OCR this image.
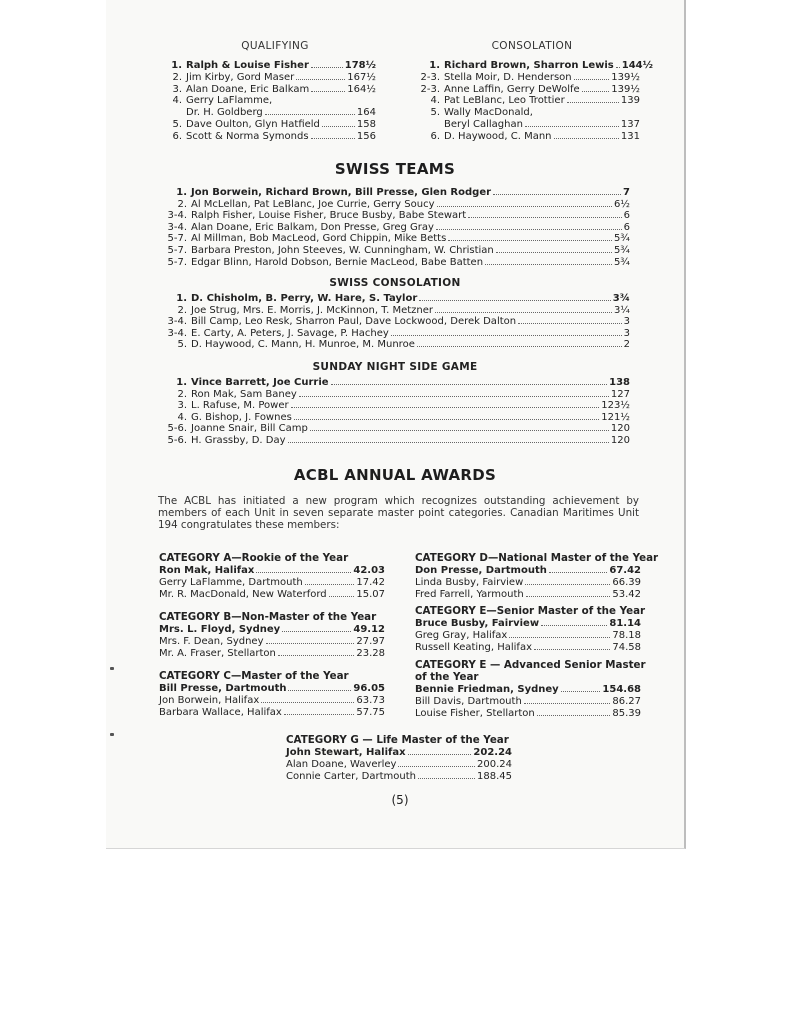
QUALIFYING	CONSOLATION
1. Ralph & Louise Fisher	178½
2. Jim Kirby, Gord Maser	167½
3. Alan Doane, Eric Balkam	164½
4. Gerry LaFlamme,
Dr. H. Goldberg	164
5. Dave Oulton, Glyn Hatfield	158
6. Scott & Norma Symonds	156
1. Richard Brown, Sharron Lewis 144½
2-3. Stella Moir, D. Henderson	139½
2-3. Anne Laffin, Gerry DeWolfe	139½
4. Pat LeBlanc, Leo Trottier	139
5. Wally MacDonald,
Beryl Callaghan	137
6. D. Haywood, C. Mann	131
SWISS TEAMS
1. Jon Borwein, Richard Brown, Bill Presse, Glen Rodger	7
2. Al McLellan, Pat LeBlanc, Joe Currie, Gerry Soucy	6½
3-4. Ralph Fisher, Louise Fisher, Bruce Busby, Babe Stewart	6
3-4. Alan Doane, Eric Balkam, Don Presse, Greg Gray	6
5-7. Al Millman, Bob MacLeod, Gord Chippin, Mike Betts	5¾
5-7. Barbara Preston, John Steeves, W. Cunningham, W. Christian	5¾
5-7. Edgar Blinn, Harold Dobson, Bernie MacLeod, Babe Batten	5¾
SWISS CONSOLATION
1. D. Chisholm, B. Perry, W. Hare, S. Taylor	3¾
2. Joe Strug, Mrs. E. Morris, J. McKinnon, T. Metzner	3¼
3-4. Bill Camp, Leo Resk, Sharron Paul, Dave Lockwood, Derek Dalton	3
3-4. E. Carty, A. Peters, J. Savage, P. Hachey	3
5. D. Haywood, C. Mann, H. Munroe, M. Munroe	2
SUNDAY NIGHT SIDE GAME
1. Vince Barrett, Joe Currie	138
2. Ron Mak, Sam Baney	127
3. L. Rafuse, M. Power	123½
4. G. Bishop, J. Fownes	121½
5-6. Joanne Snair, Bill Camp	120
5-6. H. Grassby, D. Day	120
ACBL ANNUAL AWARDS
The ACBL has initiated a new program which recognizes outstanding achievement by members of each Unit in seven separate master point categories. Canadian Maritimes Unit 194 congratulates these members:
CATEGORY A—Rookie of the Year
Ron Mak, Halifax	42.03
Gerry LaFlamme, Dartmouth	17.42
Mr. R. MacDonald, New Waterford	15.07
CATEGORY B—Non-Master of the Year
Mrs. L. Floyd, Sydney	49.12
Mrs. F. Dean, Sydney	27.97
Mr. A. Fraser, Stellarton	23.28
CATEGORY C—Master of the Year
Bill Presse, Dartmouth	96.05
Jon Borwein, Halifax	63.73
Barbara Wallace, Halifax	57.75
CATEGORY D—National Master of the Year
Don Presse, Dartmouth	67.42
Linda Busby, Fairview	66.39
Fred Farrell, Yarmouth	53.42
CATEGORY E—Senior Master of the Year
Bruce Busby, Fairview	81.14
Greg Gray, Halifax	78.18
Russell Keating, Halifax	74.58
CATEGORY E — Advanced Senior Master
of the Year
Bennie Friedman, Sydney	154.68
Bill Davis, Dartmouth	86.27
Louise Fisher, Stellarton	85.39
CATEGORY G — Life Master of the Year
John Stewart, Halifax	202.24
Alan Doane, Waverley	200.24
Connie Carter, Dartmouth	188.45
(5)
